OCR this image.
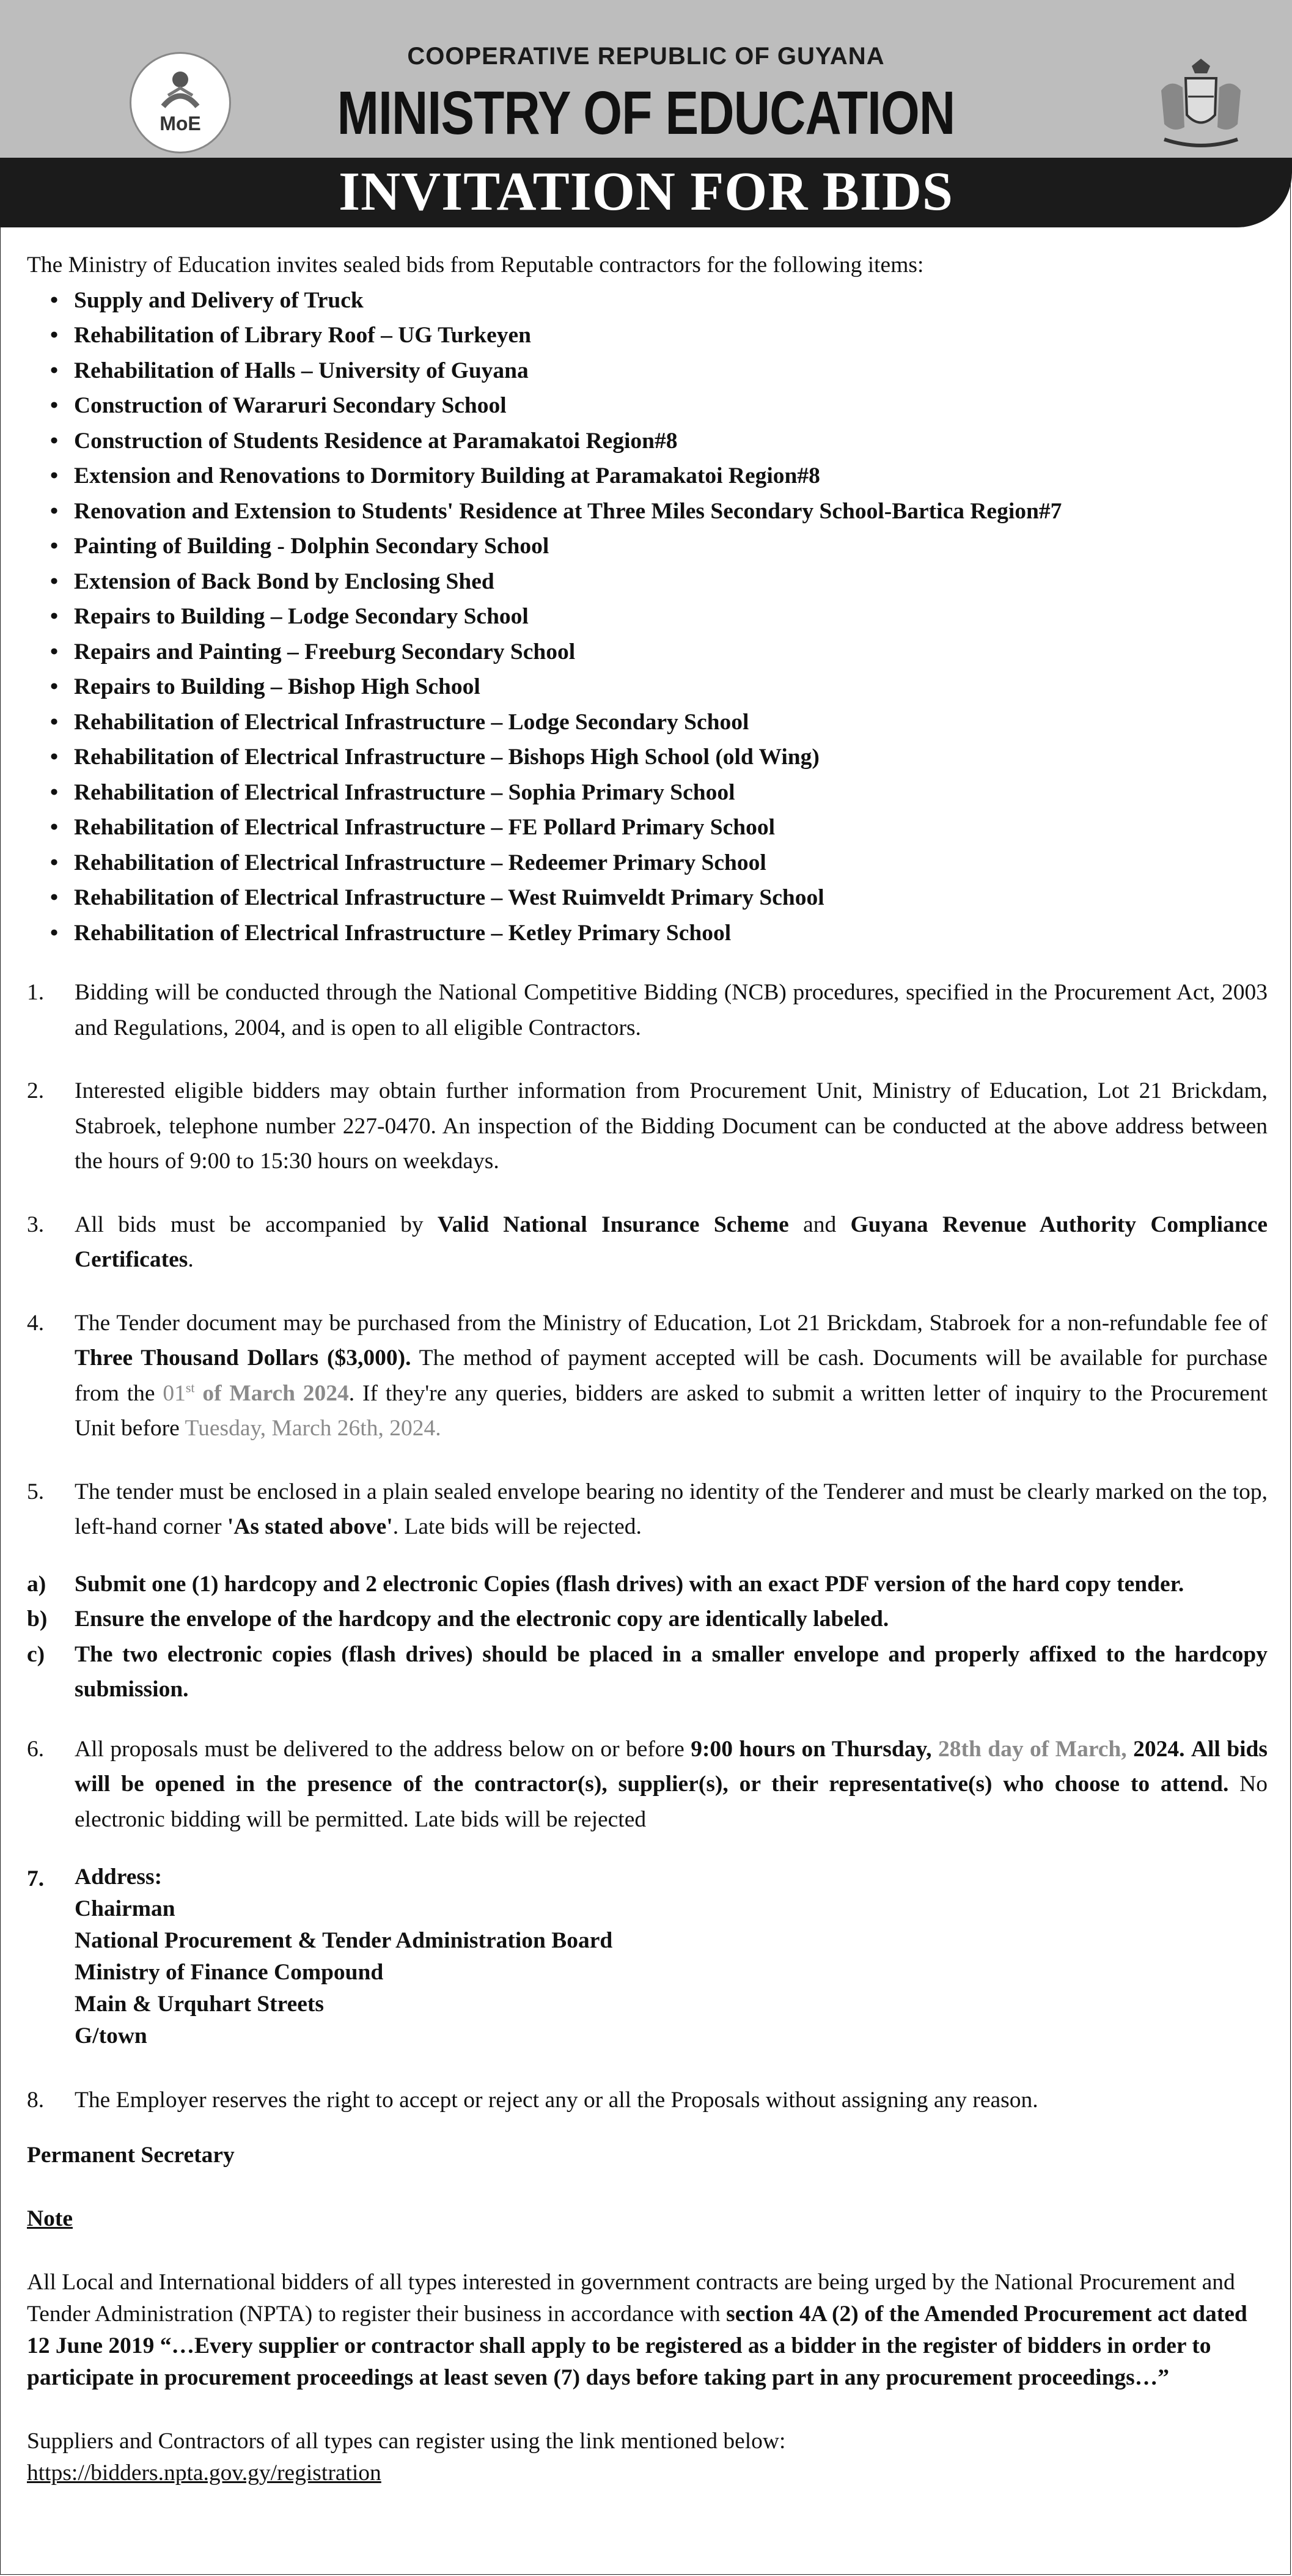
MoE
COOPERATIVE REPUBLIC OF GUYANA
MINISTRY OF EDUCATION
INVITATION FOR BIDS

The Ministry of Education invites sealed bids from Reputable contractors for the following items:

• Supply and Delivery of Truck
• Rehabilitation of Library Roof – UG Turkeyen
• Rehabilitation of Halls – University of Guyana
• Construction of Wararuri Secondary School
• Construction of Students Residence at Paramakatoi Region#8
• Extension and Renovations to Dormitory Building at Paramakatoi Region#8
• Renovation and Extension to Students' Residence at Three Miles Secondary School-Bartica Region#7
• Painting of Building - Dolphin Secondary School
• Extension of Back Bond by Enclosing Shed
• Repairs to Building – Lodge Secondary School
• Repairs and Painting – Freeburg Secondary School
• Repairs to Building – Bishop High School
• Rehabilitation of Electrical Infrastructure – Lodge Secondary School
• Rehabilitation of Electrical Infrastructure – Bishops High School (old Wing)
• Rehabilitation of Electrical Infrastructure – Sophia Primary School
• Rehabilitation of Electrical Infrastructure – FE Pollard Primary School
• Rehabilitation of Electrical Infrastructure – Redeemer Primary School
• Rehabilitation of Electrical Infrastructure – West Ruimveldt Primary School
• Rehabilitation of Electrical Infrastructure – Ketley Primary School

1. Bidding will be conducted through the National Competitive Bidding (NCB) procedures, specified in the Procurement Act, 2003 and Regulations, 2004, and is open to all eligible Contractors.

2. Interested eligible bidders may obtain further information from Procurement Unit, Ministry of Education, Lot 21 Brickdam, Stabroek, telephone number 227-0470. An inspection of the Bidding Document can be conducted at the above address between the hours of 9:00 to 15:30 hours on weekdays.

3. All bids must be accompanied by Valid National Insurance Scheme and Guyana Revenue Authority Compliance Certificates.

4. The Tender document may be purchased from the Ministry of Education, Lot 21 Brickdam, Stabroek for a non-refundable fee of Three Thousand Dollars ($3,000). The method of payment accepted will be cash. Documents will be available for purchase from the 01st of March 2024. If they're any queries, bidders are asked to submit a written letter of inquiry to the Procurement Unit before Tuesday, March 26th, 2024.

5. The tender must be enclosed in a plain sealed envelope bearing no identity of the Tenderer and must be clearly marked on the top, left-hand corner 'As stated above'. Late bids will be rejected.

a) Submit one (1) hardcopy and 2 electronic Copies (flash drives) with an exact PDF version of the hard copy tender.

b) Ensure the envelope of the hardcopy and the electronic copy are identically labeled.

c) The two electronic copies (flash drives) should be placed in a smaller envelope and properly affixed to the hardcopy submission.

6. All proposals must be delivered to the address below on or before 9:00 hours on Thursday, 28th day of March, 2024. All bids will be opened in the presence of the contractor(s), supplier(s), or their representative(s) who choose to attend. No electronic bidding will be permitted. Late bids will be rejected

7. Address:
Chairman
National Procurement & Tender Administration Board
Ministry of Finance Compound
Main & Urquhart Streets
G/town

8. The Employer reserves the right to accept or reject any or all the Proposals without assigning any reason.

Permanent Secretary
Note

All Local and International bidders of all types interested in government contracts are being urged by the National Procurement and Tender Administration (NPTA) to register their business in accordance with section 4A (2) of the Amended Procurement act dated 12 June 2019 “…Every supplier or contractor shall apply to be registered as a bidder in the register of bidders in order to participate in procurement proceedings at least seven (7) days before taking part in any procurement proceedings…”

Suppliers and Contractors of all types can register using the link mentioned below:
https://bidders.npta.gov.gy/registration
